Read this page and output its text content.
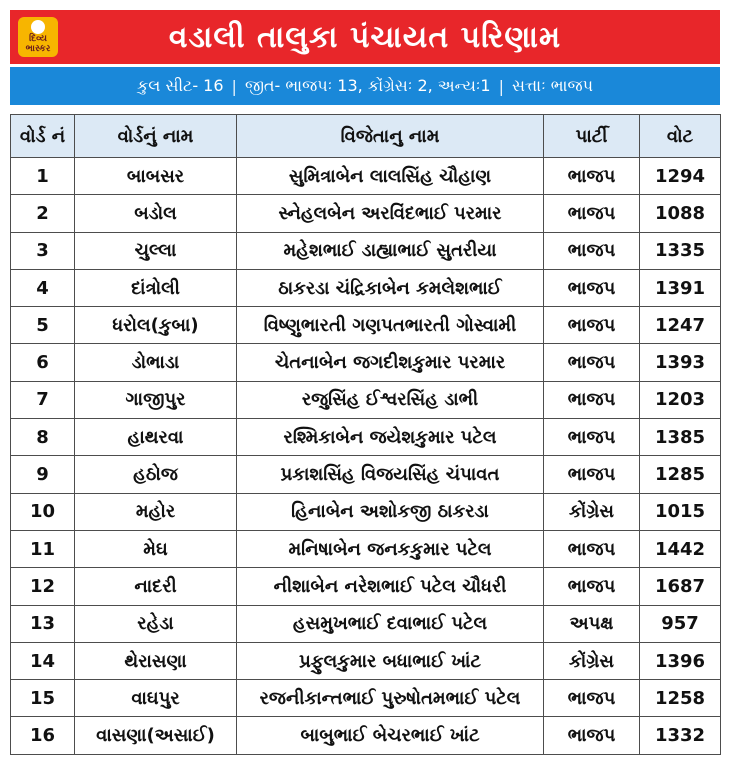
દિવ્ય
ભાસ્કર	વડાલી તાલુકા પંચાયત પરિણામ
કુલ સીટ- 16 | જીત- ભાજપઃ 13, કોંગ્રેસઃ 2, અન્યઃ1 | સત્તાઃ ભાજપ
વોર્ડ નં	વોર્ડનું નામ	વિજેતાનુ નામ	પાર્ટી	વોટ
1	બાબસર	સુમિત્રાબેન લાલસિંહ ચૌહાણ	ભાજપ	1294
2	બડોલ	સ્નેહલબેન અરવિંદભાઈ પરમાર	ભાજપ	1088
3	ચુલ્લા	મહેશભાઈ ડાહ્યાભાઈ સુતરીયા	ભાજપ	1335
4	દાંત્રોલી	ઠાકરડા ચંદ્રિકાબેન કમલેશભાઈ	ભાજપ	1391
5	ધરોલ(કુબા)	વિષ્ણુભારતી ગણપતભારતી ગોસ્વામી	ભાજપ	1247
6	ડોભાડા	ચેતનાબેન જગદીશકુમાર પરમાર	ભાજપ	1393
7	ગાજીપુર	રજુસિંહ ઈશ્વરસિંહ ડાભી	ભાજપ	1203
8	હાથરવા	રશ્મિકાબેન જયેશકુમાર પટેલ	ભાજપ	1385
9	હઠોજ	પ્રકાશસિંહ વિજયસિંહ ચંપાવત	ભાજપ	1285
10	મહોર	હિનાબેન અશોકજી ઠાકરડા	કોંગ્રેસ	1015
11	મેઘ	મનિષાબેન જનકકુમાર પટેલ	ભાજપ	1442
12	નાદરી	નીશાબેન નરેશભાઈ પટેલ ચૌધરી	ભાજપ	1687
13	રહેડા	હસમુખભાઈ દવાભાઈ પટેલ	અપક્ષ	957
14	થેરાસણા	પ્રફુલકુમાર બધાભાઈ ખાંટ	કોંગ્રેસ	1396
15	વાઘપુર	રજનીકાન્તભાઈ પુરુષોતમભાઈ પટેલ	ભાજપ	1258
16	વાસણા(અસાઈ)	બાબુભાઈ બેચરભાઈ ખાંટ	ભાજપ	1332
